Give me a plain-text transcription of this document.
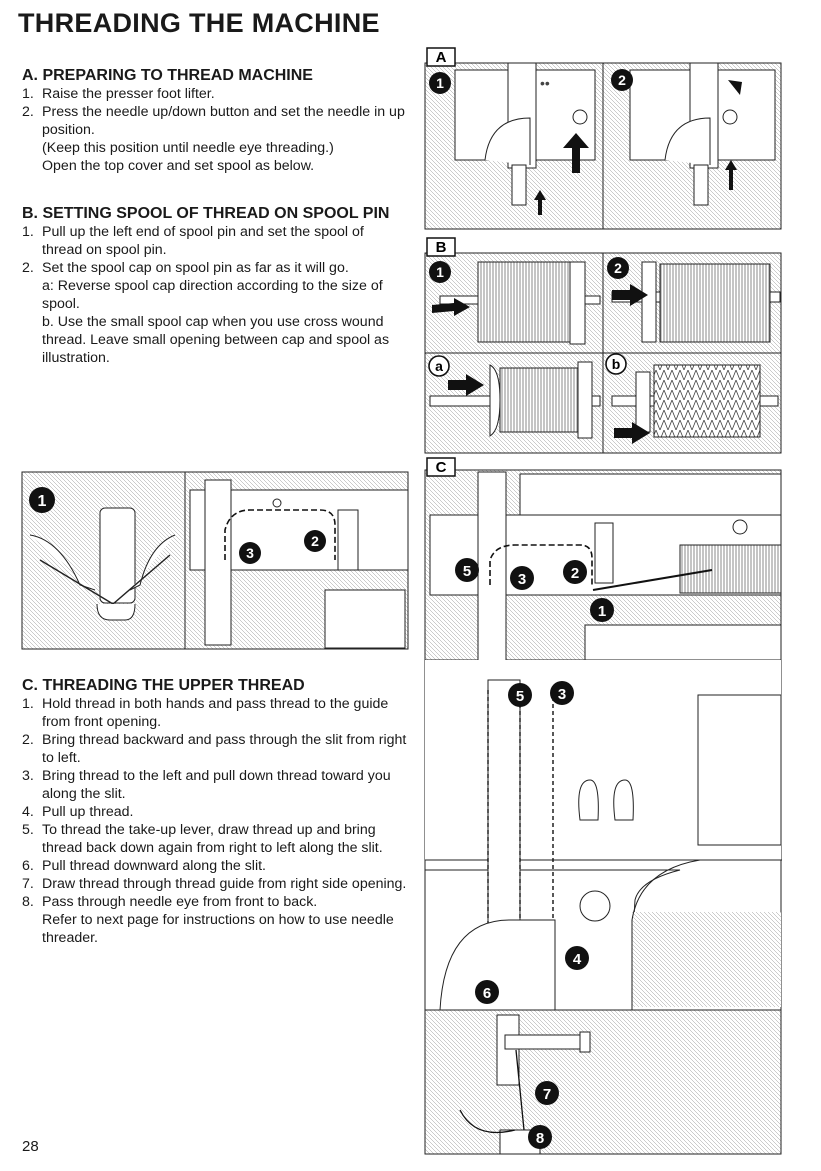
THREADING THE MACHINE
A. PREPARING TO THREAD MACHINE
1. Raise the presser foot lifter.
2. Press the needle up/down button and set the needle in up position.
(Keep this position until needle eye threading.)
Open the top cover and set spool as below.
B. SETTING SPOOL OF THREAD ON SPOOL PIN
1. Pull up the left end of spool pin and set the spool of thread on spool pin.
2. Set the spool cap on spool pin as far as it will go.
a: Reverse spool cap direction according to the size of spool.
b. Use the small spool cap when you use cross wound thread. Leave small opening between cap and spool as illustration.
C. THREADING THE UPPER THREAD
1. Hold thread in both hands and pass thread to the guide from front opening.
2. Bring thread backward and pass through the slit from right to left.
3. Bring thread to the left and pull down thread toward you along the slit.
4. Pull up thread.
5. To thread the take-up lever, draw thread up and bring thread back down again from right to left along the slit.
6. Pull thread downward along the slit.
7. Draw thread through thread guide from right side opening.
8. Pass through needle eye from front to back.
Refer to next page for instructions on how to use needle threader.
28
••
A
1	2
B
1	2
a	b
1
2
3
C
1
2
3
3
4
5
5
6
7
8
